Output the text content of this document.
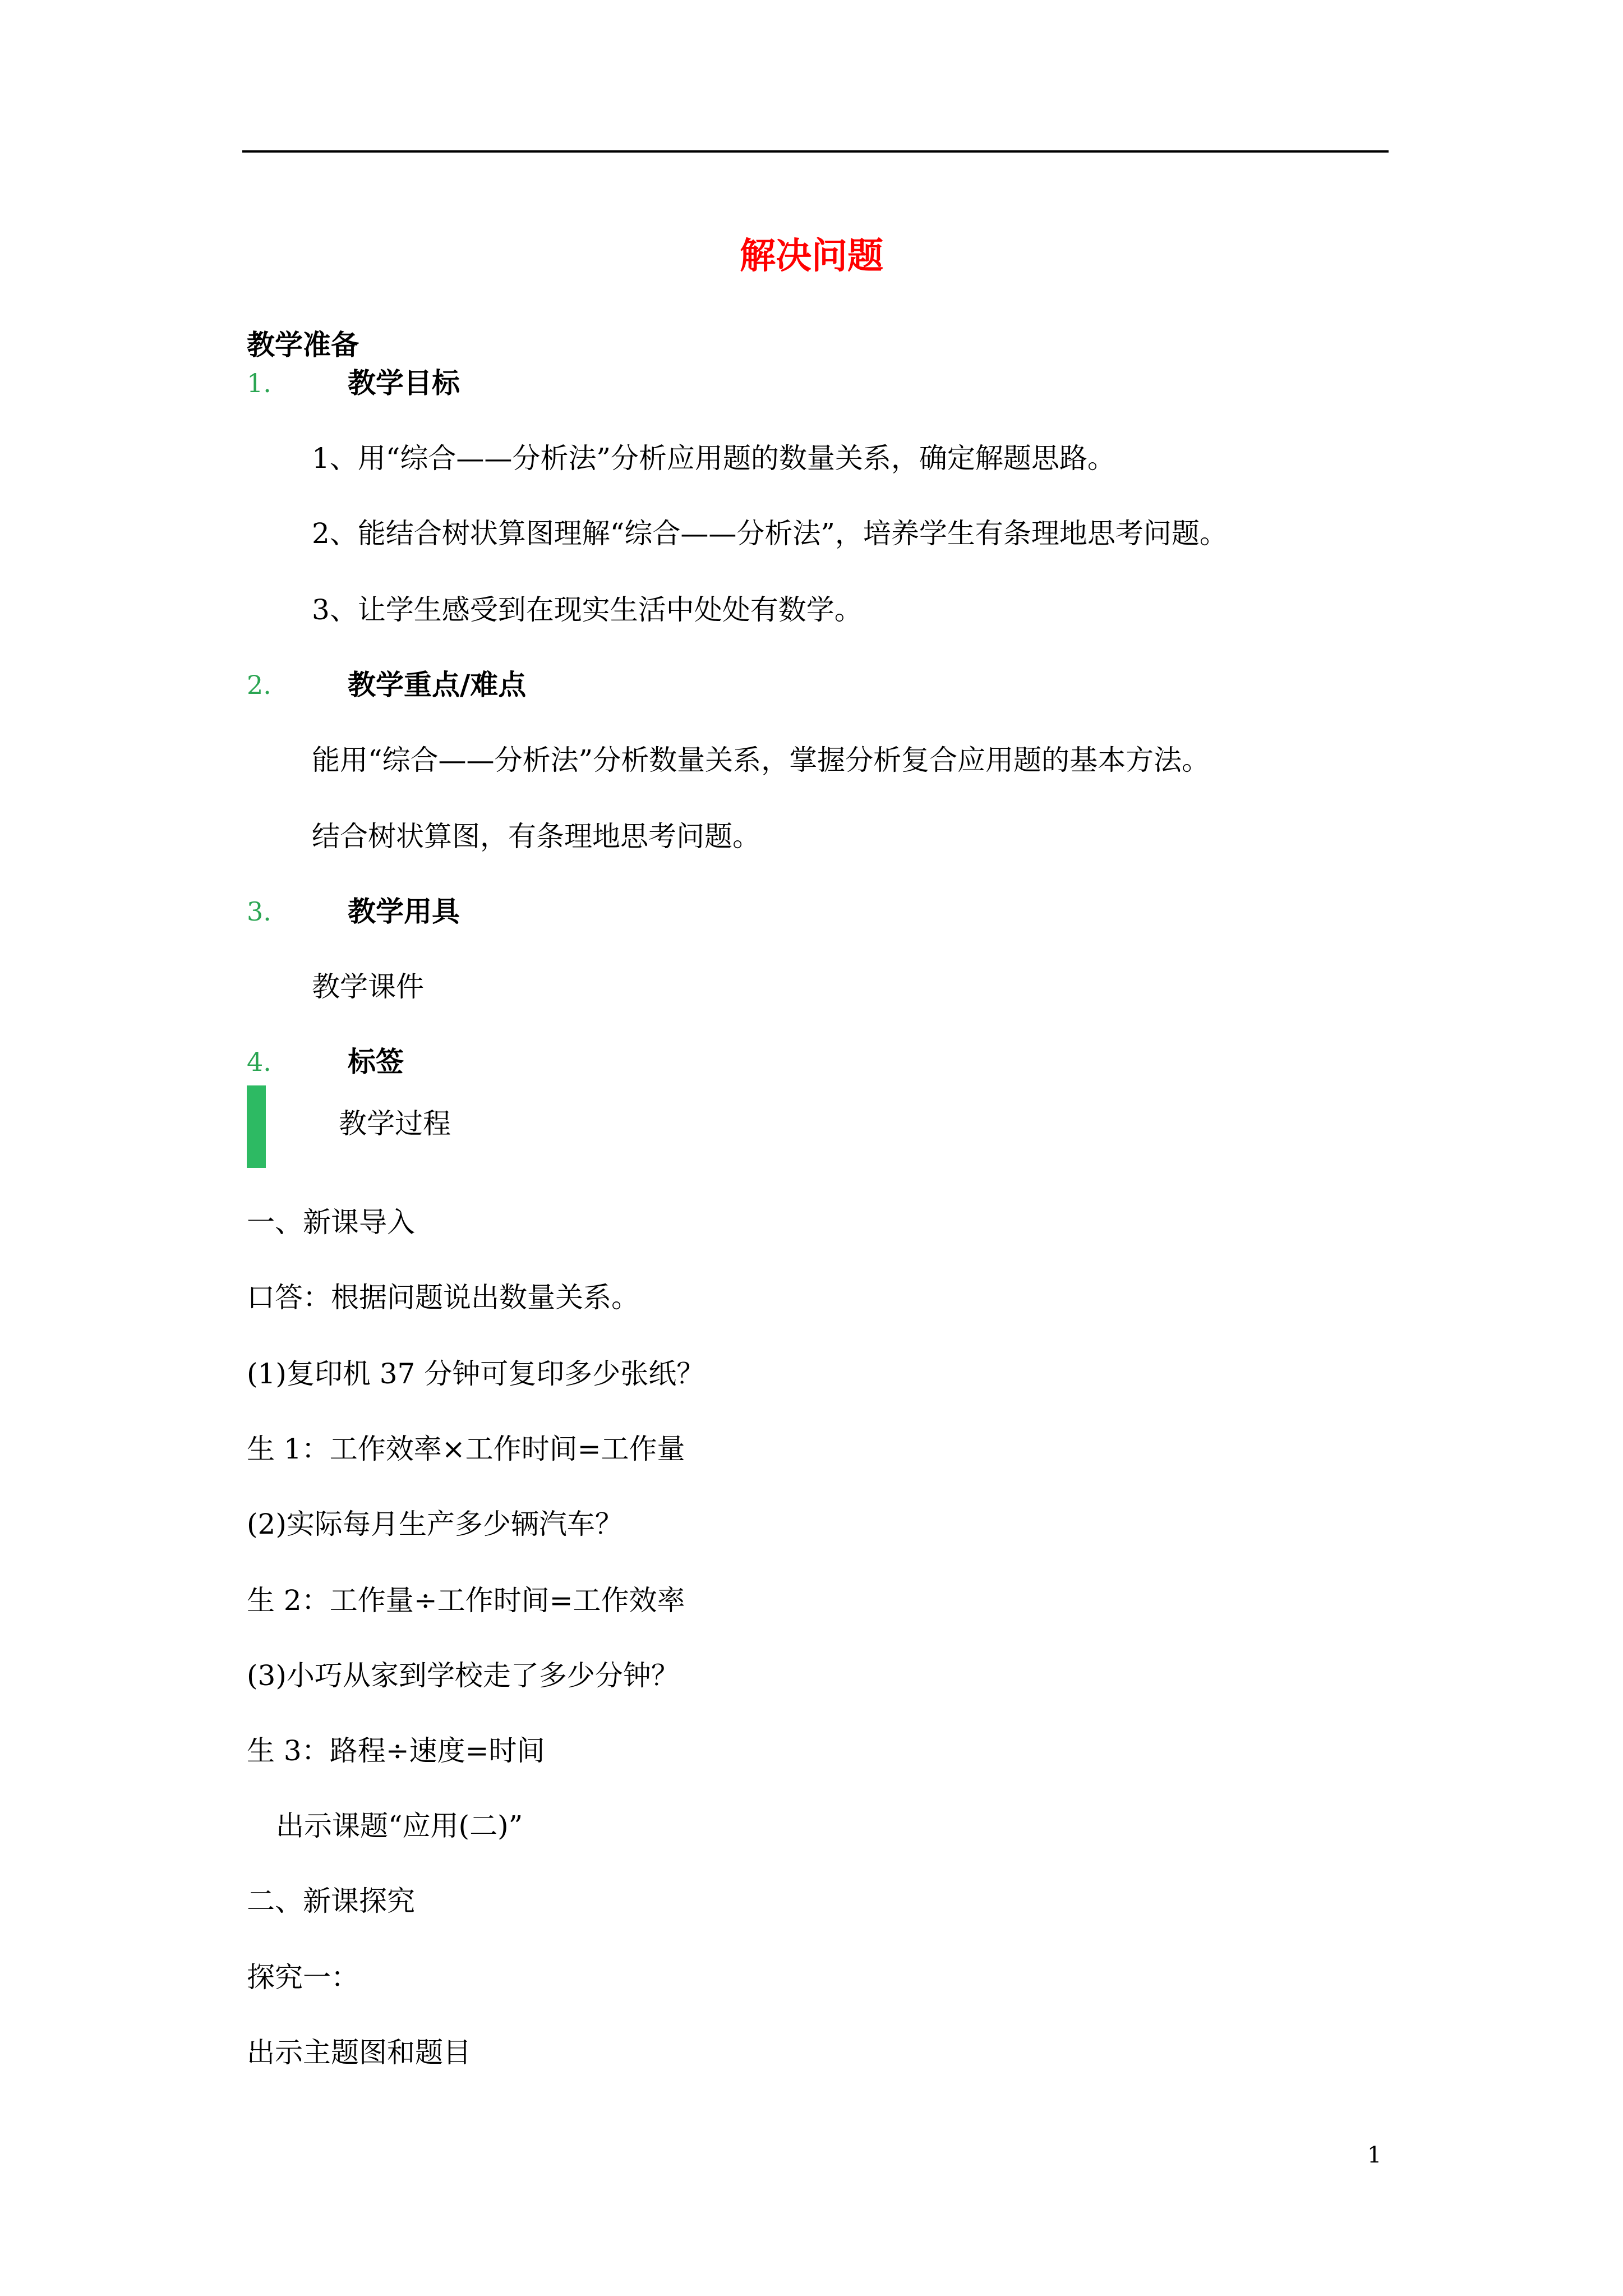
解决问题
教学准备
1.	教学目标
1、用“综合——分析法”分析应用题的数量关系，确定解题思路。
2、能结合树状算图理解“综合——分析法”，培养学生有条理地思考问题。
3、让学生感受到在现实生活中处处有数学。
2.	教学重点/难点
能用“综合——分析法”分析数量关系，掌握分析复合应用题的基本方法。
结合树状算图，有条理地思考问题。
3.	教学用具
教学课件
4.	标签
教学过程
一、新课导入
口答：根据问题说出数量关系。
(1)复印机 37 分钟可复印多少张纸？
生 1：工作效率×工作时间=工作量
(2)实际每月生产多少辆汽车？
生 2：工作量÷工作时间=工作效率
(3)小巧从家到学校走了多少分钟？
生 3：路程÷速度=时间
出示课题“应用(二)”
二、新课探究
探究一：
出示主题图和题目
1
